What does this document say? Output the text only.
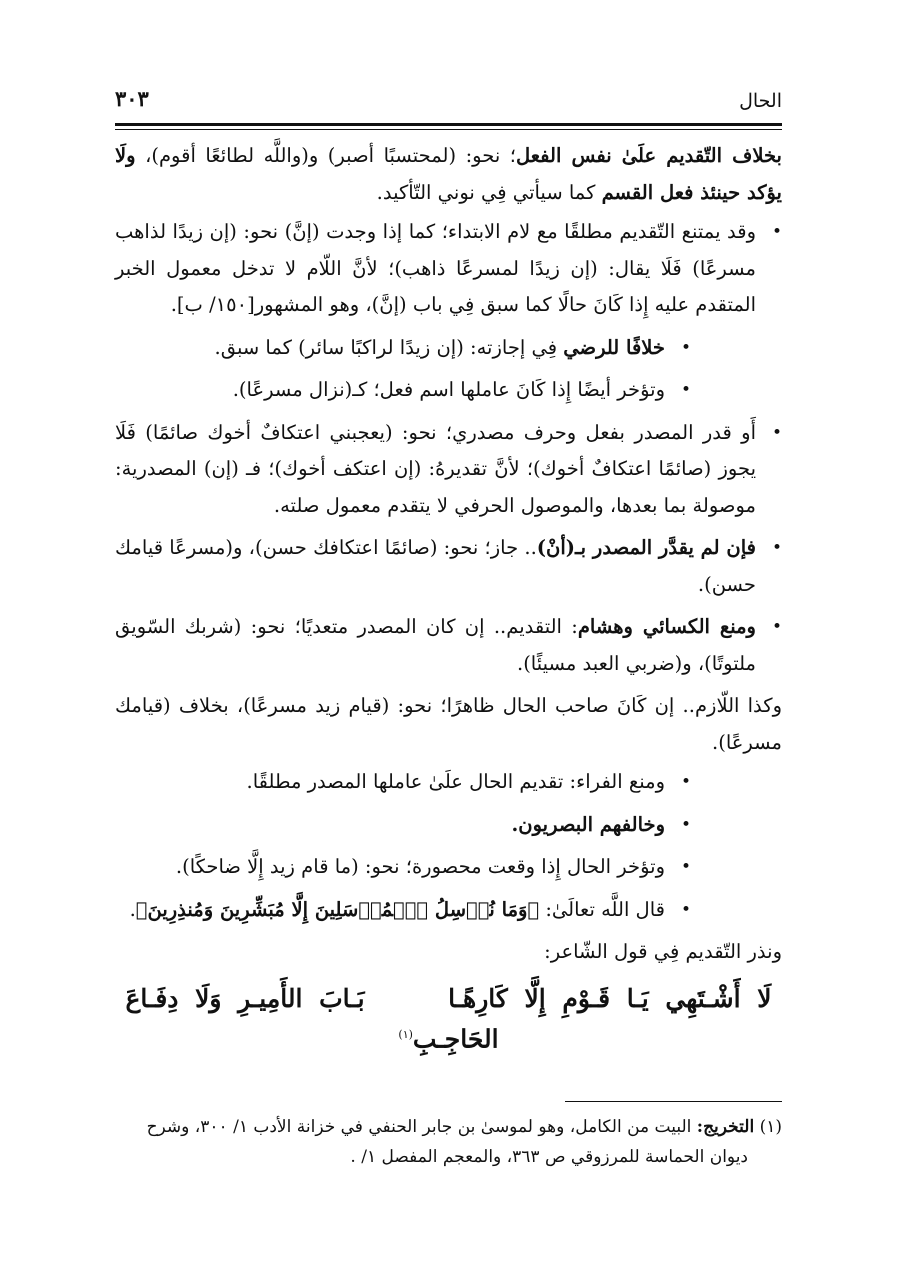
الحال
٣٠٣

بخلاف التّقديم علَىٰ نفس الفعل؛ نحو: (لمحتسبًا أصبر) و(واللَّه لطائعًا أقوم)، ولَا يؤكد حينئذ فعل القسم كما سيأتي فِي نوني التّأكيد.

•
وقد يمتنع التّقديم مطلقًا مع لام الابتداء؛ كما إذا وجدت (إنَّ) نحو: (إن زيدًا لذاهب مسرعًا) فَلَا يقال: (إن زيدًا لمسرعًا ذاهب)؛ لأنَّ اللّام لا تدخل معمول الخبر المتقدم عليه إِذا كَانَ حالًا كما سبق فِي باب (إنَّ)، وهو المشهور[١٥٠/ ب].
•
خلافًا للرضي فِي إجازته: (إن زيدًا لراكبًا سائر) كما سبق.
•
وتؤخر أيضًا إِذا كَانَ عاملها اسم فعل؛ كـ(نزال مسرعًا).
•
أَو قدر المصدر بفعل وحرف مصدري؛ نحو: (يعجبني اعتكافٌ أخوك صائمًا) فَلَا يجوز (صائمًا اعتكافٌ أخوك)؛ لأنَّ تقديرهُ: (إن اعتكف أخوك)؛ فـ (إن) المصدرية: موصولة بما بعدها، والموصول الحرفي لا يتقدم معمول صلته.
•
فإن لم يقدَّر المصدر بـ(أنْ).. جاز؛ نحو: (صائمًا اعتكافك حسن)، و(مسرعًا قيامك حسن).
•
ومنع الكسائي وهشام: التقديم.. إن كان المصدر متعديًا؛ نحو: (شربك السّويق ملتوتًا)، و(ضربي العبد مسيئًا).

وكذا اللّازم.. إن كَانَ صاحب الحال ظاهرًا؛ نحو: (قيام زيد مسرعًا)، بخلاف (قيامك مسرعًا).

•
ومنع الفراء: تقديم الحال علَىٰ عاملها المصدر مطلقًا.
•
وخالفهم البصريون.
•
وتؤخر الحال إِذا وقعت محصورة؛ نحو: (ما قام زيد إِلَّا ضاحكًا).
•
قال اللَّه تعالَىٰ: ﴿وَمَا نُرۡسِلُ ٱلۡمُرۡسَلِينَ إِلَّا مُبَشِّرِينَ وَمُنذِرِينَ﴾.

ونذر التّقديم فِي قول الشّاعر:

لَا أَشْـتَهِي يَـا قَـوْمِ إِلَّا كَارِهًـا     بَـابَ الأَمِيـرِ وَلَا دِفَـاعَ الحَاجِـبِ$^{(١)}$
(١) التخريج: البيت من الكامل، وهو لموسىٰ بن جابر الحنفي في خزانة الأدب ١/ ٣٠٠، وشرح
ديوان الحماسة للمرزوقي ص ٣٦٣، والمعجم المفصل ١/ .
